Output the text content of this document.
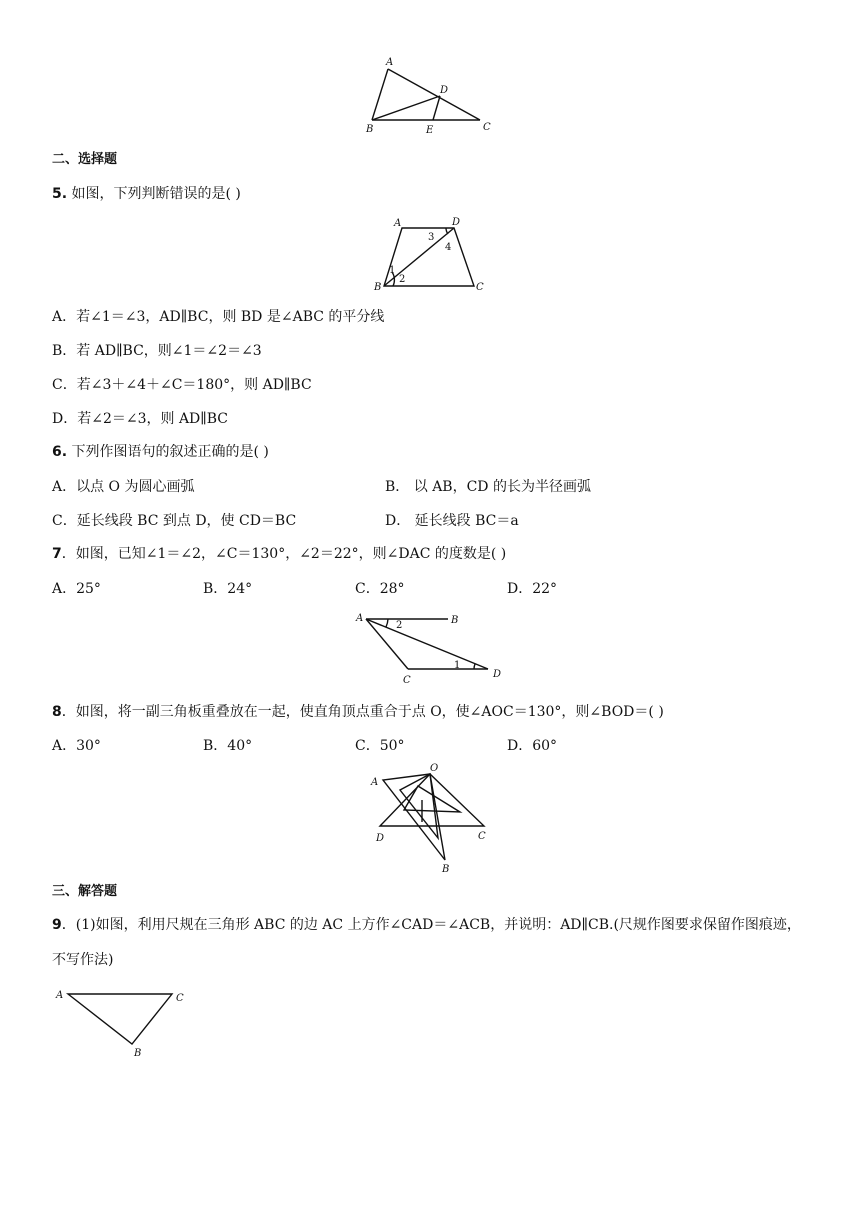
A
B	C
D
E
二、选择题
5. 如图，下列判断错误的是( )
A
B	C
D
1
2
3
4
A．若∠1＝∠3，AD∥BC，则 BD 是∠ABC 的平分线
B．若 AD∥BC，则∠1＝∠2＝∠3
C．若∠3＋∠4＋∠C＝180°，则 AD∥BC
D．若∠2＝∠3，则 AD∥BC
6. 下列作图语句的叙述正确的是( )
A．以点 O 为圆心画弧	B． 以 AB，CD 的长为半径画弧
C．延长线段 BC 到点 D，使 CD＝BC	D． 延长线段 BC＝a
7．如图，已知∠1＝∠2，∠C＝130°，∠2＝22°，则∠DAC 的度数是( )
A．25°	B．24°	C．28°	D．22°
A	B
C
D
2
1
8．如图，将一副三角板重叠放在一起，使直角顶点重合于点 O，使∠AOC＝130°，则∠BOD＝( )
A．30°	B．40°	C．50°	D．60°
A
B
C
D
O
三、解答题
9．(1)如图，利用尺规在三角形 ABC 的边 AC 上方作∠CAD＝∠ACB，并说明：AD∥CB.(尺规作图要求保留作图痕迹，
不写作法)
A
B
C
